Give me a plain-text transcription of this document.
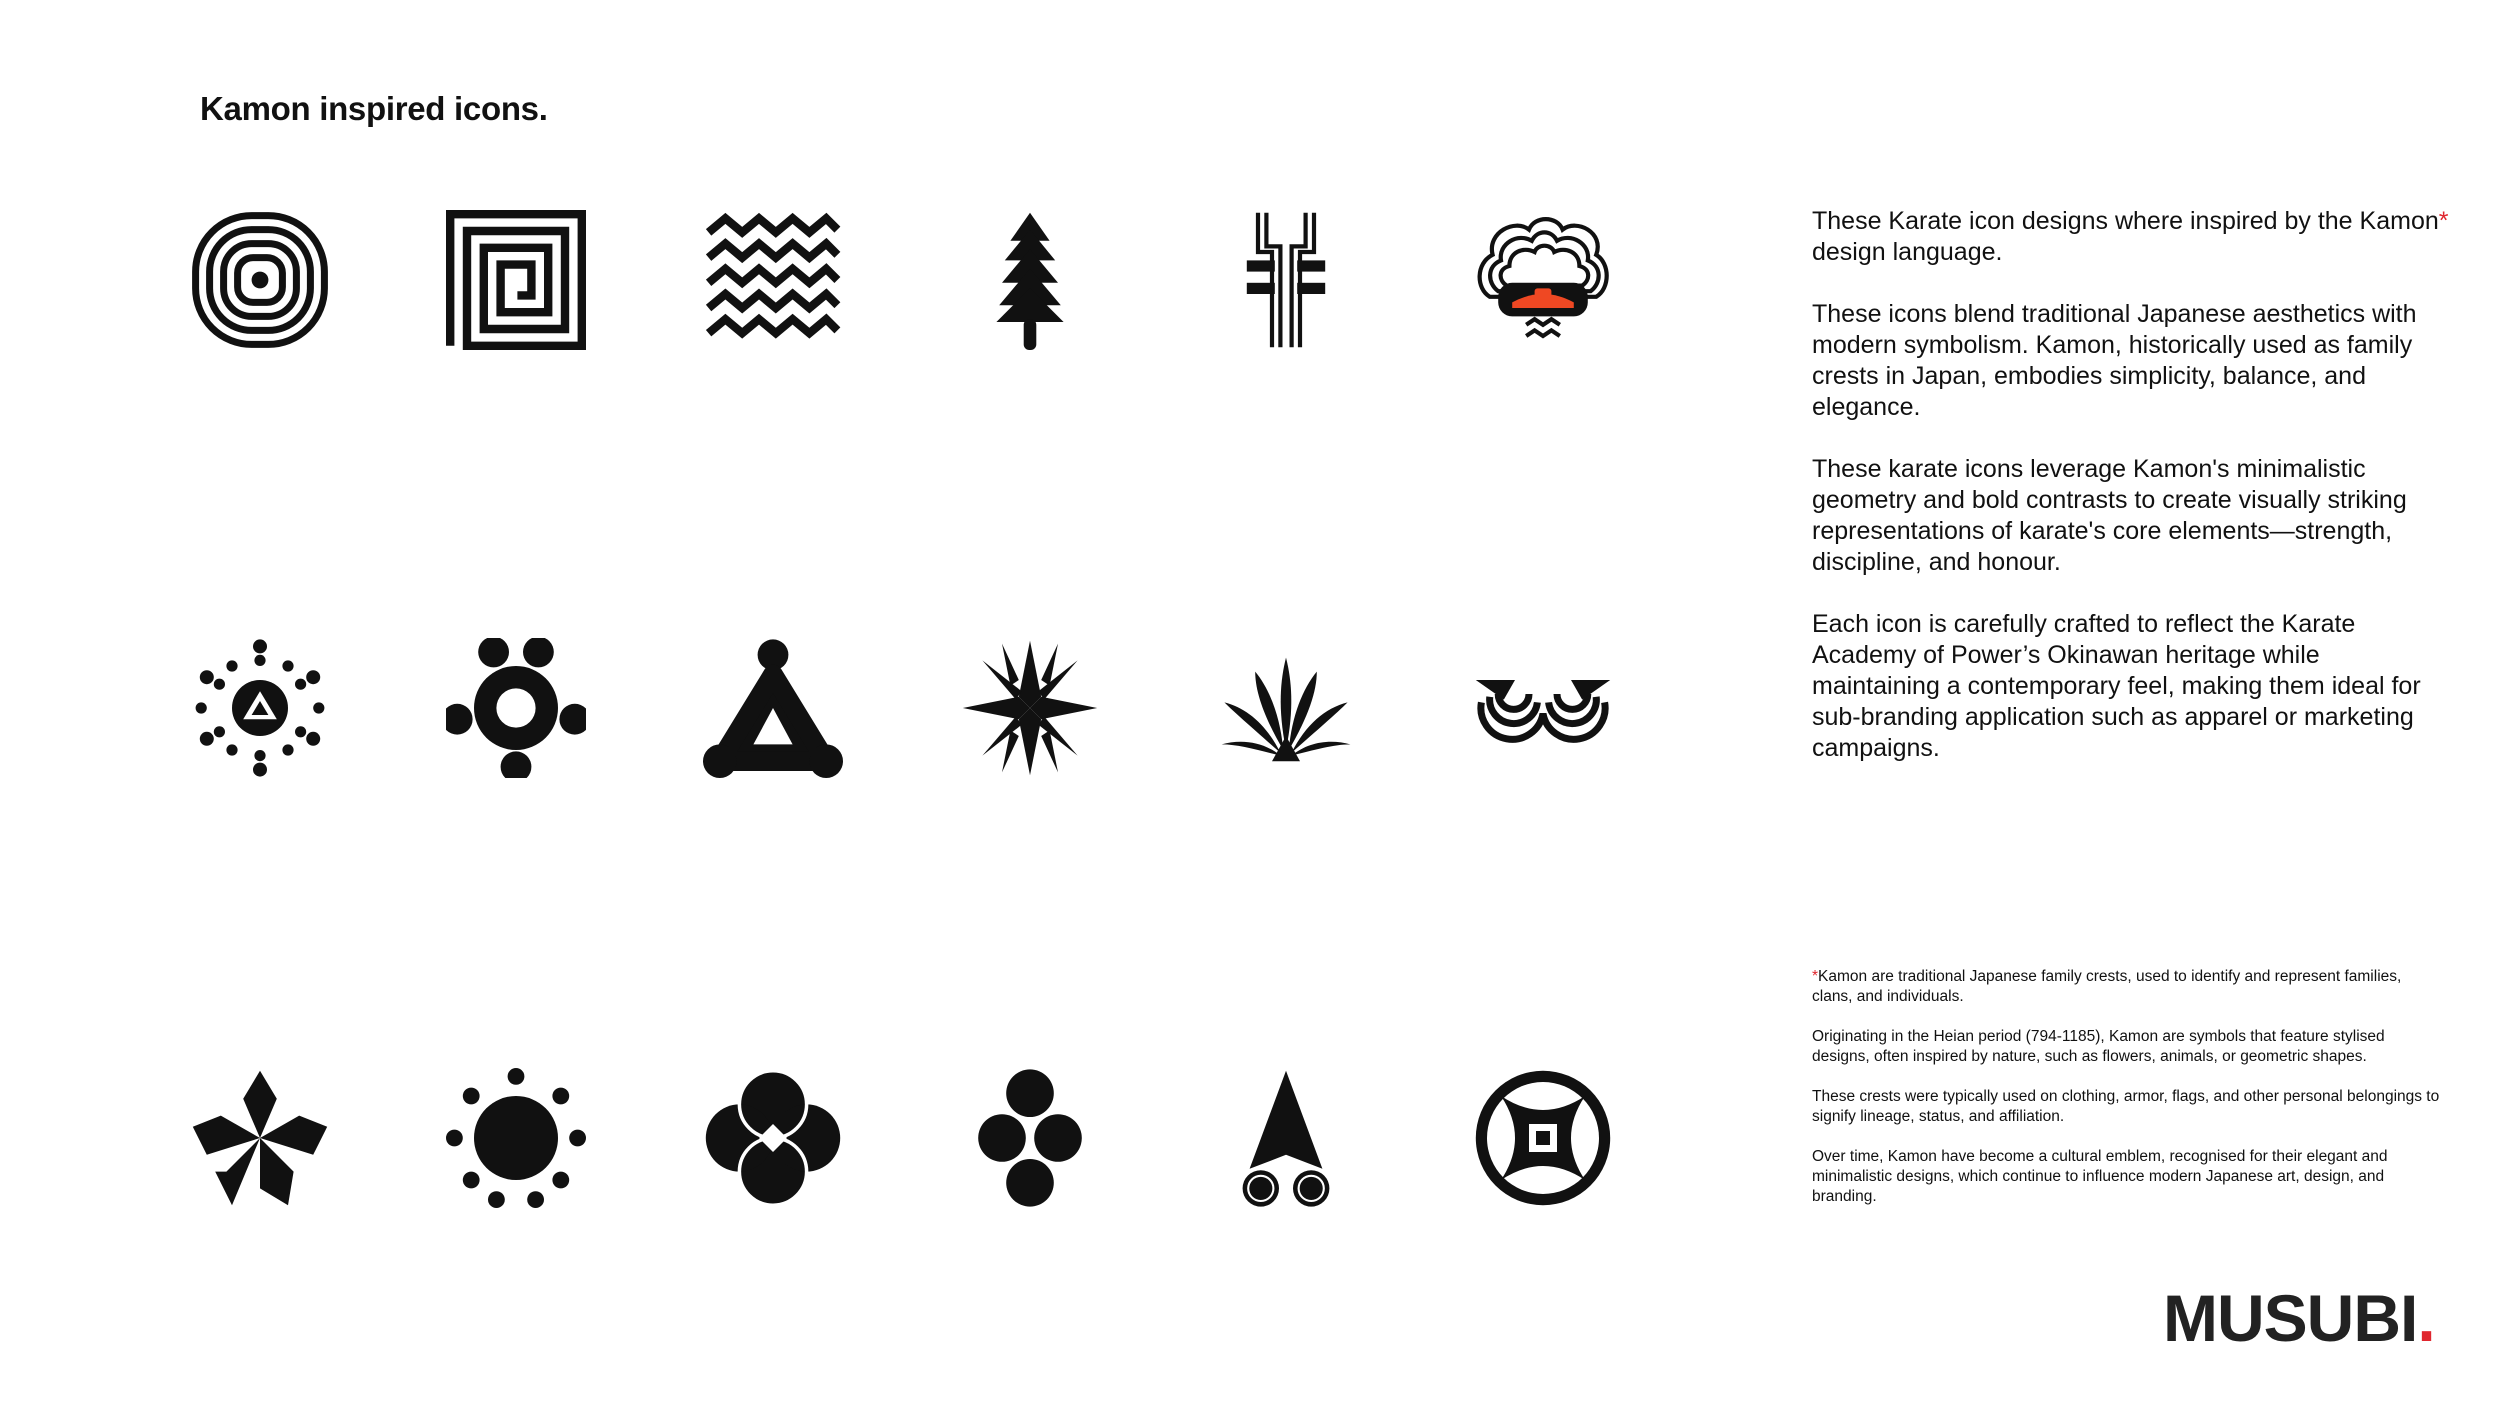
Kamon inspired icons.

These Karate icon designs where inspired by the Kamon* design language.

These icons blend traditional Japanese aesthetics with modern symbolism. Kamon, historically used as family crests in Japan, embodies simplicity, balance, and elegance.

These karate icons leverage Kamon's minimalistic geometry and bold contrasts to create visually striking representations of karate's core elements—strength, discipline, and honour.

Each icon is carefully crafted to reflect the Karate Academy of Power’s Okinawan heritage while maintaining a contemporary feel, making them ideal for sub-branding application such as apparel or marketing campaigns.

*Kamon are traditional Japanese family crests, used to identify and represent families, clans, and individuals.

Originating in the Heian period (794-1185), Kamon are symbols that feature stylised designs, often inspired by nature, such as flowers, animals, or geometric shapes.

These crests were typically used on clothing, armor, flags, and other personal belongings to signify lineage, status, and affiliation.

Over time, Kamon have become a cultural emblem, recognised for their elegant and minimalistic designs, which continue to influence modern Japanese art, design, and branding.

MUSUBI.
